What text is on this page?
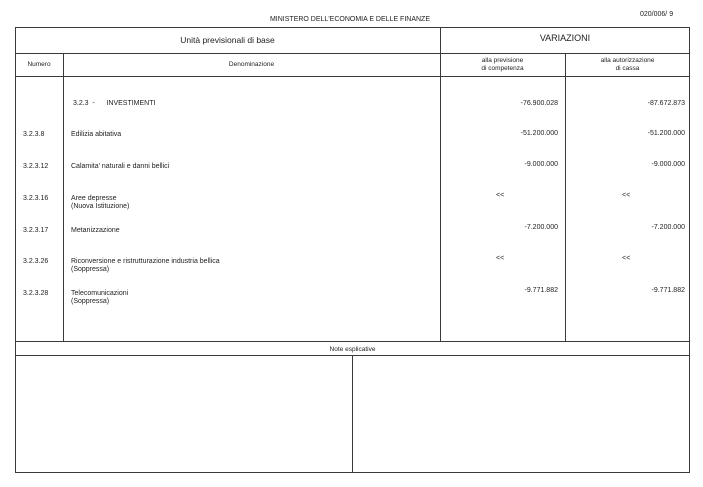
MINISTERO DELL'ECONOMIA E DELLE FINANZE
020/006/ 9
Unità previsionali di base	VARIAZIONI
Numero	Denominazione
alla previsione
di competenza
alla autorizzazione
di cassa
3.2.3  -      INVESTIMENTI	-76.900.028	-87.672.873
3.2.3.8	Edilizia abitativa	-51.200.000	-51.200.000
3.2.3.12	Calamita' naturali e danni bellici	-9.000.000	-9.000.000
3.2.3.16	Aree depresse
(Nuova Istituzione)
<<	<<
3.2.3.17	Metanizzazione	-7.200.000	-7.200.000
3.2.3.26	Riconversione e ristrutturazione industria bellica
(Soppressa)
<<	<<
3.2.3.28	Telecomunicazioni
(Soppressa)
-9.771.882	-9.771.882
Note esplicative
